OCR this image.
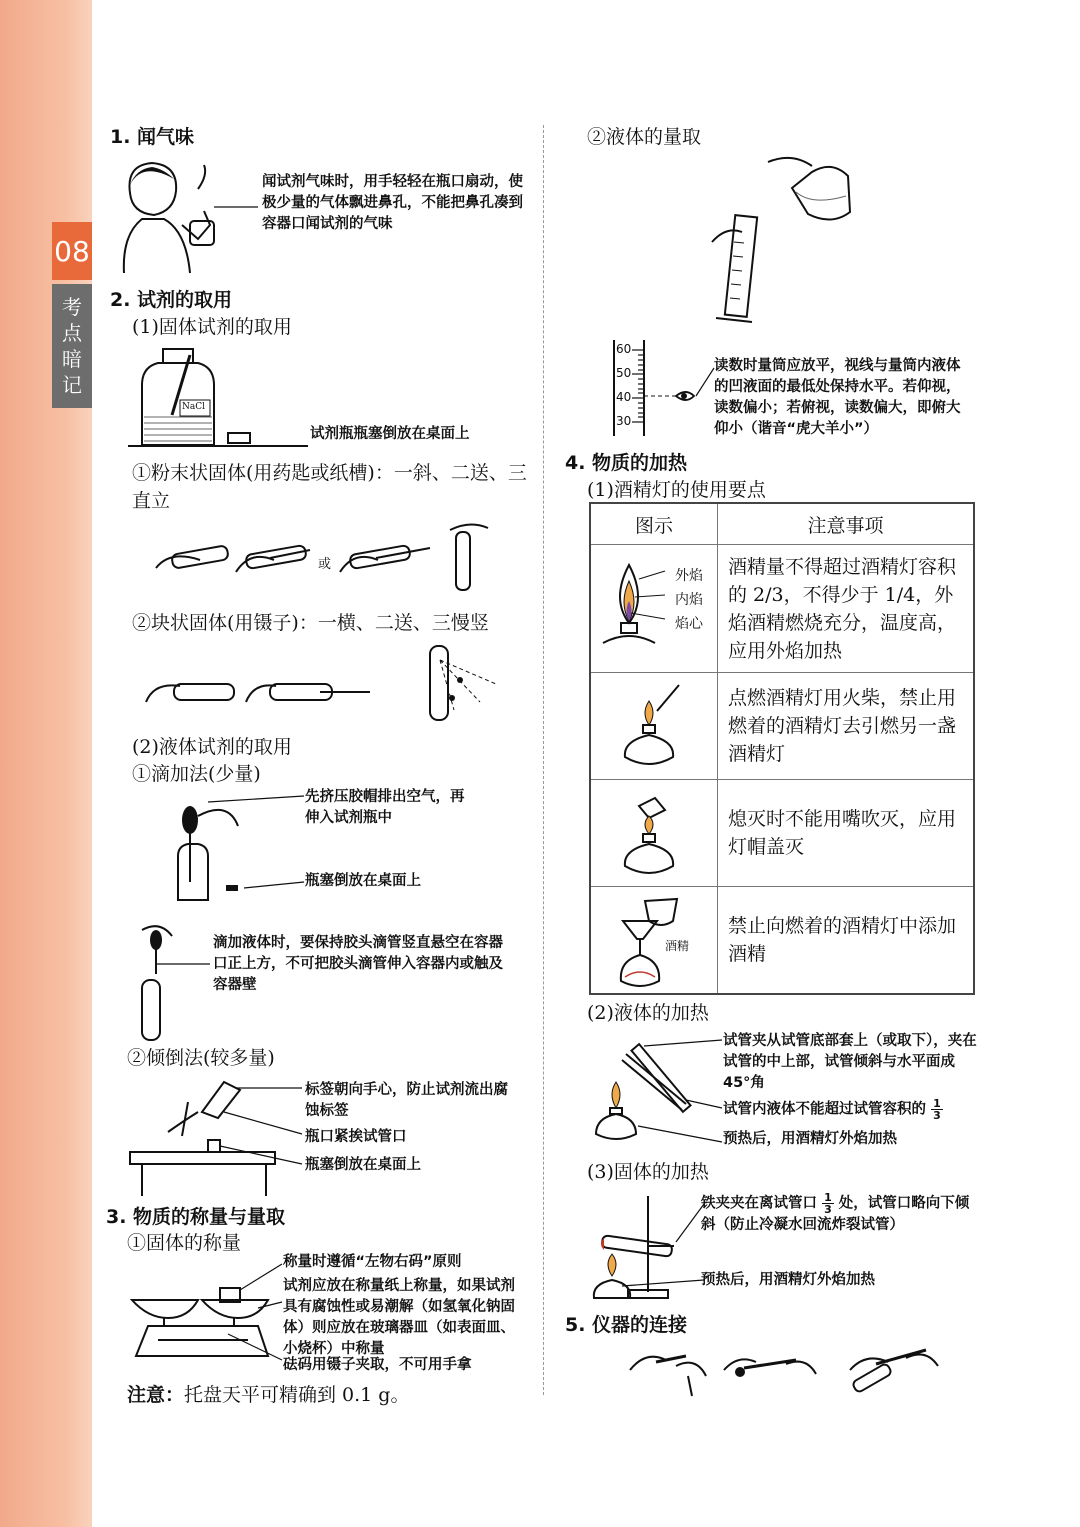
08
考
点
暗
记
1. 闻气味
闻试剂气味时，用手轻轻在瓶口扇动，使极少量的气体飘进鼻孔，不能把鼻孔凑到容器口闻试剂的气味
2. 试剂的取用
(1)固体试剂的取用
NaCl
试剂瓶瓶塞倒放在桌面上
①粉末状固体(用药匙或纸槽)：一斜、二送、三直立
或
②块状固体(用镊子)：一横、二送、三慢竖
(2)液体试剂的取用
①滴加法(少量)
先挤压胶帽排出空气，再伸入试剂瓶中
瓶塞倒放在桌面上
滴加液体时，要保持胶头滴管竖直悬空在容器口正上方，不可把胶头滴管伸入容器内或触及容器壁
②倾倒法(较多量)
标签朝向手心，防止试剂流出腐蚀标签
瓶口紧挨试管口
瓶塞倒放在桌面上
3. 物质的称量与量取
①固体的称量
称量时遵循“左物右码”原则
试剂应放在称量纸上称量，如果试剂具有腐蚀性或易潮解（如氢氧化钠固体）则应放在玻璃器皿（如表面皿、小烧杯）中称量
砝码用镊子夹取，不可用手拿
注意：托盘天平可精确到 0.1 g。
②液体的量取
60
50
40
30
读数时量筒应放平，视线与量筒内液体的凹液面的最低处保持水平。若仰视，读数偏小；若俯视，读数偏大，即俯大仰小（谐音“虎大羊小”）
4. 物质的加热
(1)酒精灯的使用要点
图示	注意事项

外焰
内焰
焰心	酒精量不得超过酒精灯容积的 2/3，不得少于 1/4，外焰酒精燃烧充分，温度高，应用外焰加热

	点燃酒精灯用火柴，禁止用燃着的酒精灯去引燃另一盏酒精灯

	熄灭时不能用嘴吹灭，应用灯帽盖灭

酒精	禁止向燃着的酒精灯中添加酒精
(2)液体的加热
试管夹从试管底部套上（或取下），夹在试管的中上部，试管倾斜与水平面成45°角
试管内液体不能超过试管容积的 $\frac{1}{3}$
预热后，用酒精灯外焰加热
(3)固体的加热
铁夹夹在离试管口 $\frac{1}{3}$ 处，试管口略向下倾斜（防止冷凝水回流炸裂试管）
预热后，用酒精灯外焰加热
5. 仪器的连接
